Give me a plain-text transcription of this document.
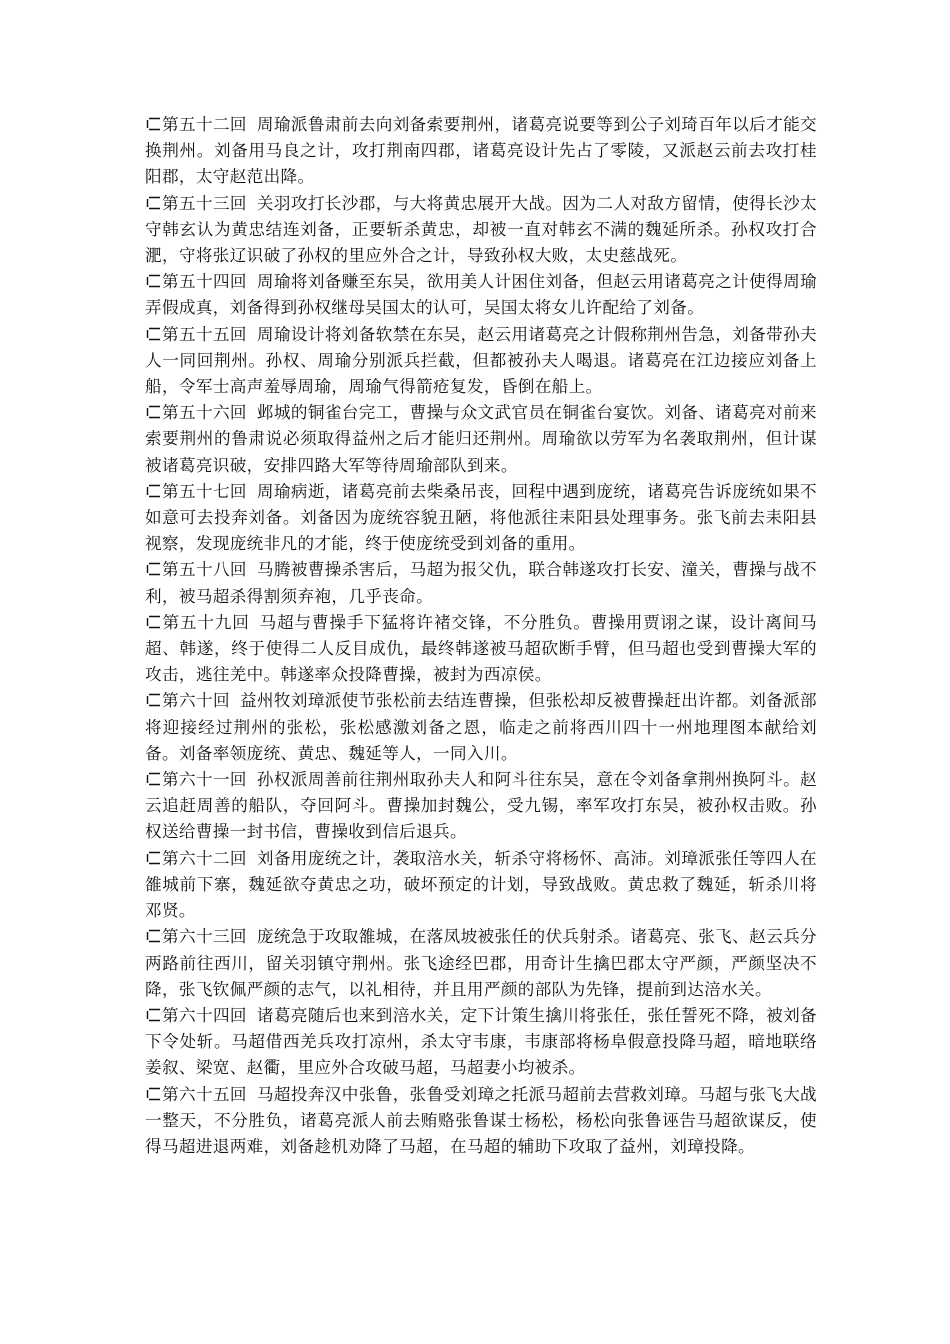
第五十二回 周瑜派鲁肃前去向刘备索要荆州，诸葛亮说要等到公子刘琦百年以后才能交换荆州。刘备用马良之计，攻打荆南四郡，诸葛亮设计先占了零陵，又派赵云前去攻打桂阳郡，太守赵范出降。

第五十三回 关羽攻打长沙郡，与大将黄忠展开大战。因为二人对敌方留情，使得长沙太守韩玄认为黄忠结连刘备，正要斩杀黄忠，却被一直对韩玄不满的魏延所杀。孙权攻打合淝，守将张辽识破了孙权的里应外合之计，导致孙权大败，太史慈战死。

第五十四回 周瑜将刘备赚至东吴，欲用美人计困住刘备，但赵云用诸葛亮之计使得周瑜弄假成真，刘备得到孙权继母吴国太的认可，吴国太将女儿许配给了刘备。

第五十五回 周瑜设计将刘备软禁在东吴，赵云用诸葛亮之计假称荆州告急，刘备带孙夫人一同回荆州。孙权、周瑜分别派兵拦截，但都被孙夫人喝退。诸葛亮在江边接应刘备上船，令军士高声羞辱周瑜，周瑜气得箭疮复发，昏倒在船上。

第五十六回 邺城的铜雀台完工，曹操与众文武官员在铜雀台宴饮。刘备、诸葛亮对前来索要荆州的鲁肃说必须取得益州之后才能归还荆州。周瑜欲以劳军为名袭取荆州，但计谋被诸葛亮识破，安排四路大军等待周瑜部队到来。

第五十七回 周瑜病逝，诸葛亮前去柴桑吊丧，回程中遇到庞统，诸葛亮告诉庞统如果不如意可去投奔刘备。刘备因为庞统容貌丑陋，将他派往耒阳县处理事务。张飞前去耒阳县视察，发现庞统非凡的才能，终于使庞统受到刘备的重用。

第五十八回 马腾被曹操杀害后，马超为报父仇，联合韩遂攻打长安、潼关，曹操与战不利，被马超杀得割须弃袍，几乎丧命。

第五十九回 马超与曹操手下猛将许褚交锋，不分胜负。曹操用贾诩之谋，设计离间马超、韩遂，终于使得二人反目成仇，最终韩遂被马超砍断手臂，但马超也受到曹操大军的攻击，逃往羌中。韩遂率众投降曹操，被封为西凉侯。

第六十回 益州牧刘璋派使节张松前去结连曹操，但张松却反被曹操赶出许都。刘备派部将迎接经过荆州的张松，张松感激刘备之恩，临走之前将西川四十一州地理图本献给刘备。刘备率领庞统、黄忠、魏延等人，一同入川。

第六十一回 孙权派周善前往荆州取孙夫人和阿斗往东吴，意在令刘备拿荆州换阿斗。赵云追赶周善的船队，夺回阿斗。曹操加封魏公，受九锡，率军攻打东吴，被孙权击败。孙权送给曹操一封书信，曹操收到信后退兵。

第六十二回 刘备用庞统之计，袭取涪水关，斩杀守将杨怀、高沛。刘璋派张任等四人在雒城前下寨，魏延欲夺黄忠之功，破坏预定的计划，导致战败。黄忠救了魏延，斩杀川将邓贤。

第六十三回 庞统急于攻取雒城，在落凤坡被张任的伏兵射杀。诸葛亮、张飞、赵云兵分两路前往西川，留关羽镇守荆州。张飞途经巴郡，用奇计生擒巴郡太守严颜，严颜坚决不降，张飞钦佩严颜的志气，以礼相待，并且用严颜的部队为先锋，提前到达涪水关。

第六十四回 诸葛亮随后也来到涪水关，定下计策生擒川将张任，张任誓死不降，被刘备下令处斩。马超借西羌兵攻打凉州，杀太守韦康，韦康部将杨阜假意投降马超，暗地联络姜叙、梁宽、赵衢，里应外合攻破马超，马超妻小均被杀。

第六十五回 马超投奔汉中张鲁，张鲁受刘璋之托派马超前去营救刘璋。马超与张飞大战一整天，不分胜负，诸葛亮派人前去贿赂张鲁谋士杨松，杨松向张鲁诬告马超欲谋反，使得马超进退两难，刘备趁机劝降了马超，在马超的辅助下攻取了益州，刘璋投降。
